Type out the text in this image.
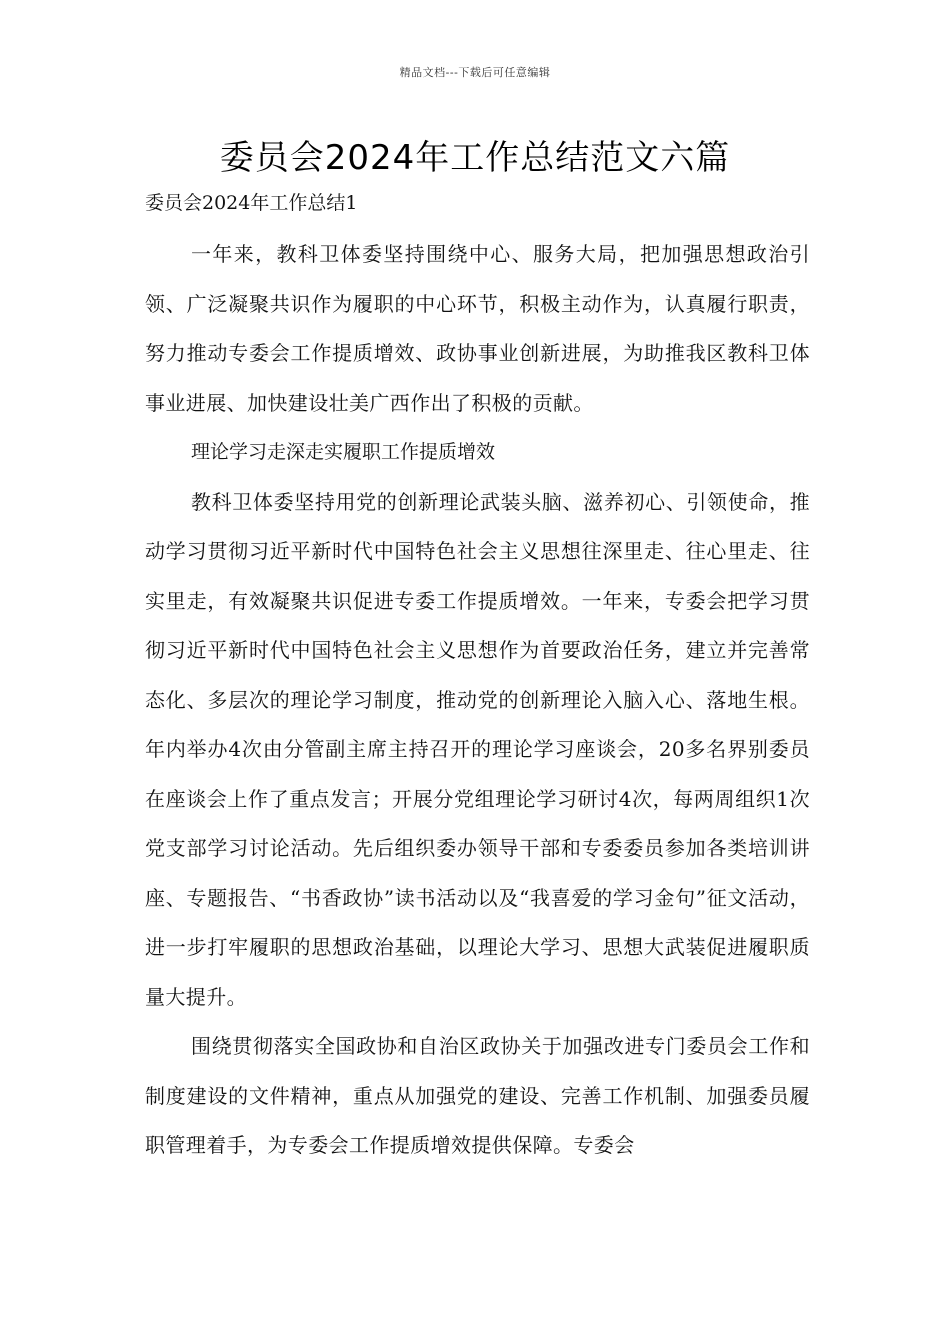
精品文档---下载后可任意编辑
委员会2024年工作总结范文六篇
委员会2024年工作总结1

一年来，教科卫体委坚持围绕中心、服务大局，把加强思想政治引领、广泛凝聚共识作为履职的中心环节，积极主动作为，认真履行职责，努力推动专委会工作提质增效、政协事业创新进展，为助推我区教科卫体事业进展、加快建设壮美广西作出了积极的贡献。

理论学习走深走实履职工作提质增效

教科卫体委坚持用党的创新理论武装头脑、滋养初心、引领使命，推动学习贯彻习近平新时代中国特色社会主义思想往深里走、往心里走、往实里走，有效凝聚共识促进专委工作提质增效。一年来，专委会把学习贯彻习近平新时代中国特色社会主义思想作为首要政治任务，建立并完善常态化、多层次的理论学习制度，推动党的创新理论入脑入心、落地生根。年内举办4次由分管副主席主持召开的理论学习座谈会，20多名界别委员在座谈会上作了重点发言；开展分党组理论学习研讨4次，每两周组织1次党支部学习讨论活动。先后组织委办领导干部和专委委员参加各类培训讲座、专题报告、“书香政协”读书活动以及“我喜爱的学习金句”征文活动，进一步打牢履职的思想政治基础，以理论大学习、思想大武装促进履职质量大提升。

围绕贯彻落实全国政协和自治区政协关于加强改进专门委员会工作和制度建设的文件精神，重点从加强党的建设、完善工作机制、加强委员履职管理着手，为专委会工作提质增效提供保障。专委会
